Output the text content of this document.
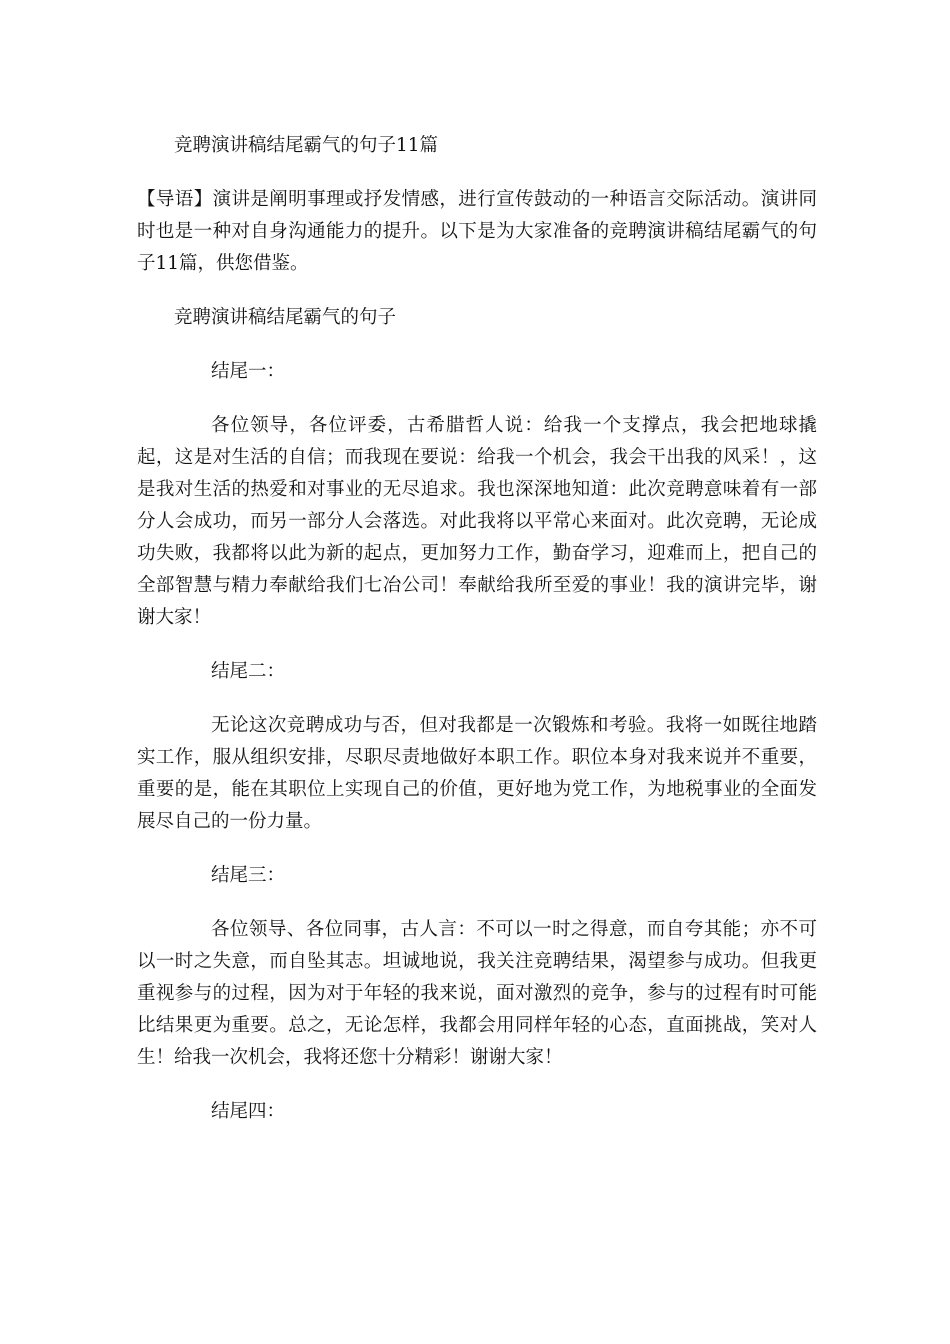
竞聘演讲稿结尾霸气的句子11篇

【导语】演讲是阐明事理或抒发情感，进行宣传鼓动的一种语言交际活动。演讲同时也是一种对自身沟通能力的提升。以下是为大家准备的竞聘演讲稿结尾霸气的句子11篇，供您借鉴。

竞聘演讲稿结尾霸气的句子

结尾一：

各位领导，各位评委，古希腊哲人说：给我一个支撑点，我会把地球撬起，这是对生活的自信；而我现在要说：给我一个机会，我会干出我的风采！，这是我对生活的热爱和对事业的无尽追求。我也深深地知道：此次竞聘意味着有一部分人会成功，而另一部分人会落选。对此我将以平常心来面对。此次竞聘，无论成功失败，我都将以此为新的起点，更加努力工作，勤奋学习，迎难而上，把自己的全部智慧与精力奉献给我们七冶公司！奉献给我所至爱的事业！我的演讲完毕，谢谢大家！

结尾二：

无论这次竞聘成功与否，但对我都是一次锻炼和考验。我将一如既往地踏实工作，服从组织安排，尽职尽责地做好本职工作。职位本身对我来说并不重要，重要的是，能在其职位上实现自己的价值，更好地为党工作，为地税事业的全面发展尽自己的一份力量。

结尾三：

各位领导、各位同事，古人言：不可以一时之得意，而自夸其能；亦不可以一时之失意，而自坠其志。坦诚地说，我关注竞聘结果，渴望参与成功。但我更重视参与的过程，因为对于年轻的我来说，面对激烈的竞争，参与的过程有时可能比结果更为重要。总之，无论怎样，我都会用同样年轻的心态，直面挑战，笑对人生！给我一次机会，我将还您十分精彩！谢谢大家！

结尾四：
